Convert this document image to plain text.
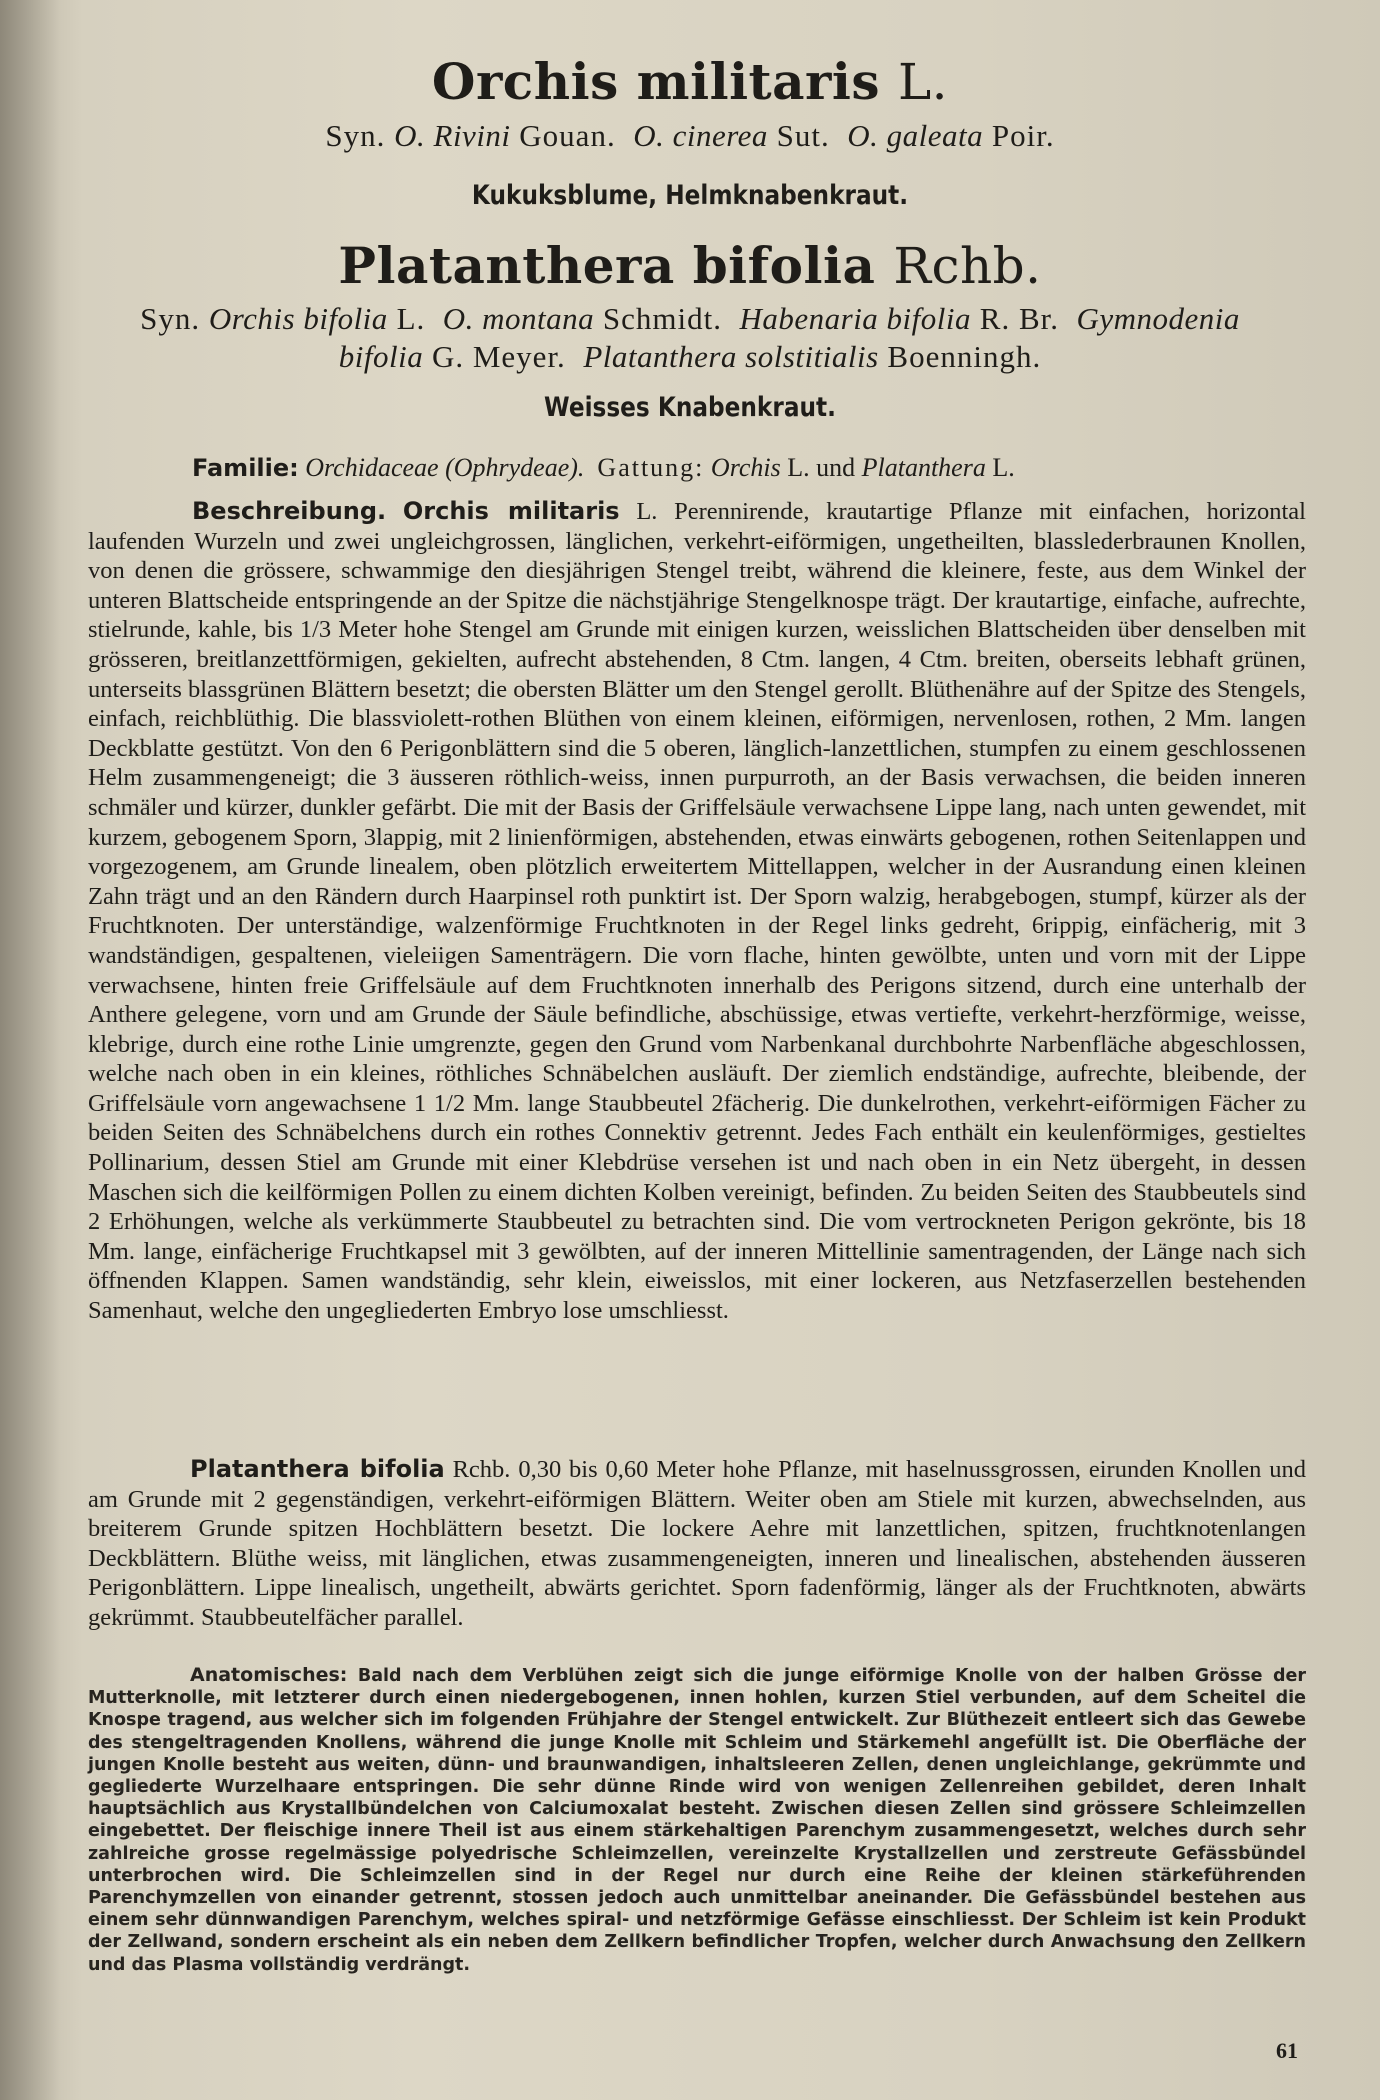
Orchis militaris L.

Syn. O. Rivini Gouan. O. cinerea Sut. O. galeata Poir.

Kukuksblume, Helmknabenkraut.

Platanthera bifolia Rchb.

Syn. Orchis bifolia L. O. montana Schmidt. Habenaria bifolia R. Br. Gymnodenia bifolia G. Meyer. Platanthera solstitialis Boenningh.

Weisses Knabenkraut.

Familie: Orchidaceae (Ophrydeae). Gattung: Orchis L. und Platanthera L.
Beschreibung. Orchis militaris L. Perennirende, krautartige Pflanze mit einfachen, horizontal laufenden Wurzeln und zwei ungleichgrossen, länglichen, verkehrt-eiförmigen, ungetheilten, blasslederbraunen Knollen, von denen die grössere, schwammige den diesjährigen Stengel treibt, während die kleinere, feste, aus dem Winkel der unteren Blattscheide entspringende an der Spitze die nächstjährige Stengelknospe trägt. Der krautartige, einfache, aufrechte, stielrunde, kahle, bis 1/3 Meter hohe Stengel am Grunde mit einigen kurzen, weisslichen Blattscheiden über denselben mit grösseren, breitlanzettförmigen, gekielten, aufrecht abstehenden, 8 Ctm. langen, 4 Ctm. breiten, oberseits lebhaft grünen, unterseits blassgrünen Blättern besetzt; die obersten Blätter um den Stengel gerollt. Blüthenähre auf der Spitze des Stengels, einfach, reichblüthig. Die blassviolett-rothen Blüthen von einem kleinen, eiförmigen, nervenlosen, rothen, 2 Mm. langen Deckblatte gestützt. Von den 6 Perigonblättern sind die 5 oberen, länglich-lanzettlichen, stumpfen zu einem geschlossenen Helm zusammengeneigt; die 3 äusseren röthlich-weiss, innen purpurroth, an der Basis verwachsen, die beiden inneren schmäler und kürzer, dunkler gefärbt. Die mit der Basis der Griffelsäule verwachsene Lippe lang, nach unten gewendet, mit kurzem, gebogenem Sporn, 3lappig, mit 2 linienförmigen, abstehenden, etwas einwärts gebogenen, rothen Seitenlappen und vorgezogenem, am Grunde linealem, oben plötzlich erweitertem Mittellappen, welcher in der Ausrandung einen kleinen Zahn trägt und an den Rändern durch Haarpinsel roth punktirt ist. Der Sporn walzig, herabgebogen, stumpf, kürzer als der Fruchtknoten. Der unterständige, walzenförmige Fruchtknoten in der Regel links gedreht, 6rippig, einfächerig, mit 3 wandständigen, gespaltenen, vieleiigen Samenträgern. Die vorn flache, hinten gewölbte, unten und vorn mit der Lippe verwachsene, hinten freie Griffelsäule auf dem Fruchtknoten innerhalb des Perigons sitzend, durch eine unterhalb der Anthere gelegene, vorn und am Grunde der Säule befindliche, abschüssige, etwas vertiefte, verkehrt-herzförmige, weisse, klebrige, durch eine rothe Linie umgrenzte, gegen den Grund vom Narbenkanal durchbohrte Narbenfläche abgeschlossen, welche nach oben in ein kleines, röthliches Schnäbelchen ausläuft. Der ziemlich endständige, aufrechte, bleibende, der Griffelsäule vorn angewachsene 1 1/2 Mm. lange Staubbeutel 2fächerig. Die dunkelrothen, verkehrt-eiförmigen Fächer zu beiden Seiten des Schnäbelchens durch ein rothes Connektiv getrennt. Jedes Fach enthält ein keulenförmiges, gestieltes Pollinarium, dessen Stiel am Grunde mit einer Klebdrüse versehen ist und nach oben in ein Netz übergeht, in dessen Maschen sich die keilförmigen Pollen zu einem dichten Kolben vereinigt, befinden. Zu beiden Seiten des Staubbeutels sind 2 Erhöhungen, welche als verkümmerte Staubbeutel zu betrachten sind. Die vom vertrockneten Perigon gekrönte, bis 18 Mm. lange, einfächerige Fruchtkapsel mit 3 gewölbten, auf der inneren Mittellinie samentragenden, der Länge nach sich öffnenden Klappen. Samen wandständig, sehr klein, eiweisslos, mit einer lockeren, aus Netzfaserzellen bestehenden Samenhaut, welche den ungegliederten Embryo lose umschliesst.
Platanthera bifolia Rchb. 0,30 bis 0,60 Meter hohe Pflanze, mit haselnussgrossen, eirunden Knollen und am Grunde mit 2 gegenständigen, verkehrt-eiförmigen Blättern. Weiter oben am Stiele mit kurzen, abwechselnden, aus breiterem Grunde spitzen Hochblättern besetzt. Die lockere Aehre mit lanzettlichen, spitzen, fruchtknotenlangen Deckblättern. Blüthe weiss, mit länglichen, etwas zusammengeneigten, inneren und linealischen, abstehenden äusseren Perigonblättern. Lippe linealisch, ungetheilt, abwärts gerichtet. Sporn fadenförmig, länger als der Fruchtknoten, abwärts gekrümmt. Staubbeutelfächer parallel.
Anatomisches: Bald nach dem Verblühen zeigt sich die junge eiförmige Knolle von der halben Grösse der Mutterknolle, mit letzterer durch einen niedergebogenen, innen hohlen, kurzen Stiel verbunden, auf dem Scheitel die Knospe tragend, aus welcher sich im folgenden Frühjahre der Stengel entwickelt. Zur Blüthezeit entleert sich das Gewebe des stengeltragenden Knollens, während die junge Knolle mit Schleim und Stärkemehl angefüllt ist. Die Oberfläche der jungen Knolle besteht aus weiten, dünn- und braunwandigen, inhaltsleeren Zellen, denen ungleichlange, gekrümmte und gegliederte Wurzelhaare entspringen. Die sehr dünne Rinde wird von wenigen Zellenreihen gebildet, deren Inhalt hauptsächlich aus Krystallbündelchen von Calciumoxalat besteht. Zwischen diesen Zellen sind grössere Schleimzellen eingebettet. Der fleischige innere Theil ist aus einem stärkehaltigen Parenchym zusammengesetzt, welches durch sehr zahlreiche grosse regelmässige polyedrische Schleimzellen, vereinzelte Krystallzellen und zerstreute Gefässbündel unterbrochen wird. Die Schleimzellen sind in der Regel nur durch eine Reihe der kleinen stärkeführenden Parenchymzellen von einander getrennt, stossen jedoch auch unmittelbar aneinander. Die Gefässbündel bestehen aus einem sehr dünnwandigen Parenchym, welches spiral- und netzförmige Gefässe einschliesst. Der Schleim ist kein Produkt der Zellwand, sondern erscheint als ein neben dem Zellkern befindlicher Tropfen, welcher durch Anwachsung den Zellkern und das Plasma vollständig verdrängt.
61
